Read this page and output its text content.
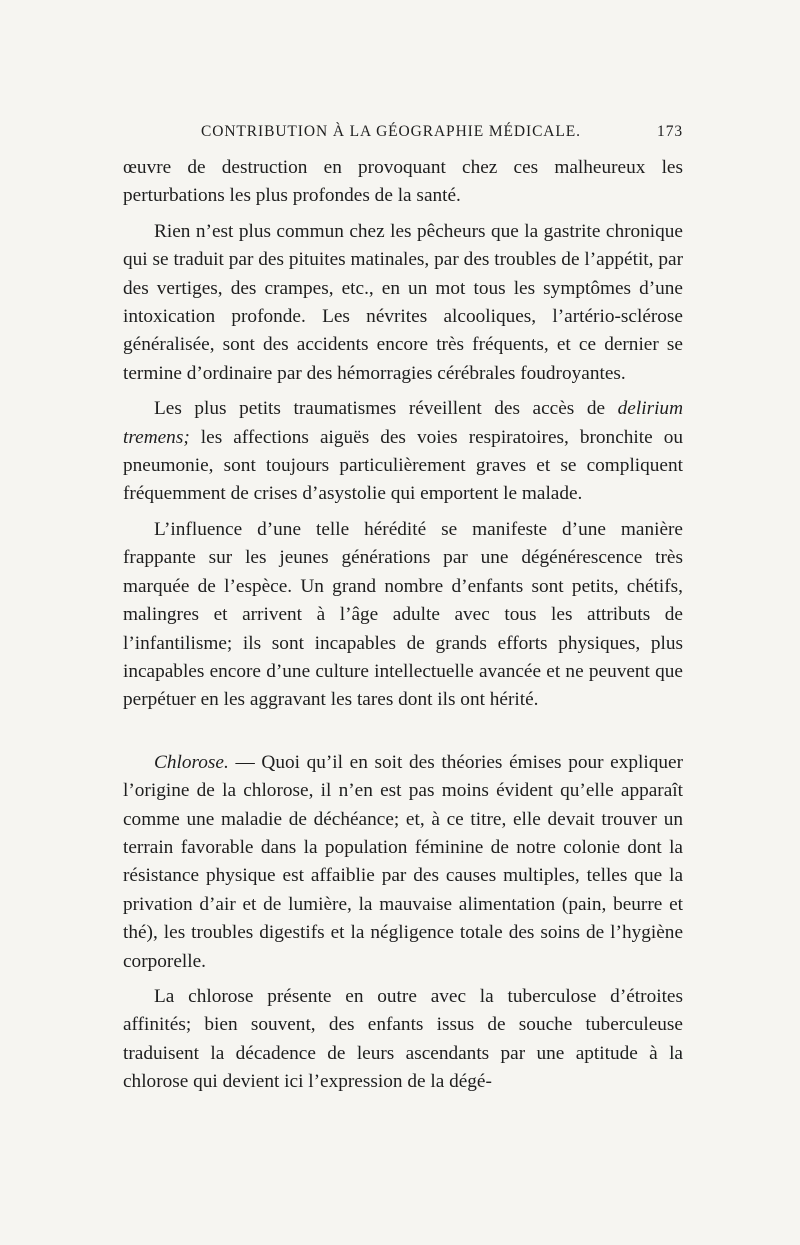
CONTRIBUTION À LA GÉOGRAPHIE MÉDICALE.	173

œuvre de destruction en provoquant chez ces malheureux les perturbations les plus profondes de la santé.

Rien n’est plus commun chez les pêcheurs que la gastrite chronique qui se traduit par des pituites matinales, par des troubles de l’appétit, par des vertiges, des crampes, etc., en un mot tous les symptômes d’une intoxication profonde. Les névrites alcooliques, l’artério-sclérose généralisée, sont des accidents encore très fréquents, et ce dernier se termine d’ordinaire par des hémorragies cérébrales foudroyantes.

Les plus petits traumatismes réveillent des accès de delirium tremens; les affections aiguës des voies respiratoires, bronchite ou pneumonie, sont toujours particulièrement graves et se compliquent fréquemment de crises d’asystolie qui emportent le malade.

L’influence d’une telle hérédité se manifeste d’une manière frappante sur les jeunes générations par une dégénérescence très marquée de l’espèce. Un grand nombre d’enfants sont petits, chétifs, malingres et arrivent à l’âge adulte avec tous les attributs de l’infantilisme; ils sont incapables de grands efforts physiques, plus incapables encore d’une culture intellectuelle avancée et ne peuvent que perpétuer en les aggravant les tares dont ils ont hérité.

Chlorose. — Quoi qu’il en soit des théories émises pour expliquer l’origine de la chlorose, il n’en est pas moins évident qu’elle apparaît comme une maladie de déchéance; et, à ce titre, elle devait trouver un terrain favorable dans la population féminine de notre colonie dont la résistance physique est affaiblie par des causes multiples, telles que la privation d’air et de lumière, la mauvaise alimentation (pain, beurre et thé), les troubles digestifs et la négligence totale des soins de l’hygiène corporelle.

La chlorose présente en outre avec la tuberculose d’étroites affinités; bien souvent, des enfants issus de souche tuberculeuse traduisent la décadence de leurs ascendants par une aptitude à la chlorose qui devient ici l’expression de la dégé-
